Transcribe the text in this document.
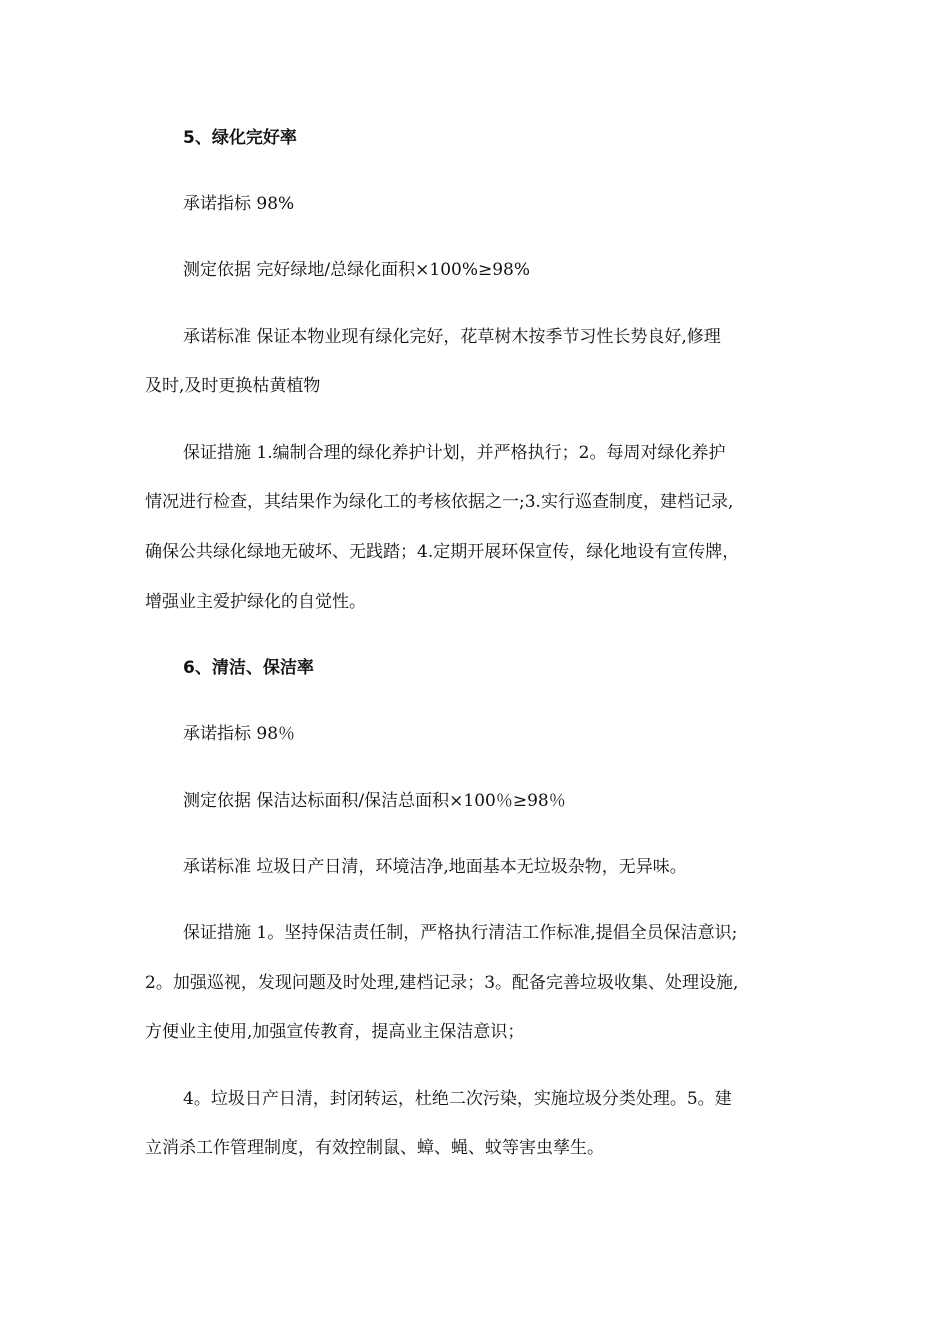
5、绿化完好率
承诺指标 98%
测定依据 完好绿地/总绿化面积×100%≥98%
承诺标准 保证本物业现有绿化完好，花草树木按季节习性长势良好,修理
及时,及时更换枯黄植物
保证措施 1.编制合理的绿化养护计划，并严格执行；2。每周对绿化养护
情况进行检查，其结果作为绿化工的考核依据之一;3.实行巡查制度，建档记录,
确保公共绿化绿地无破坏、无践踏；4.定期开展环保宣传，绿化地设有宣传牌，
增强业主爱护绿化的自觉性。
6、清洁、保洁率
承诺指标 98％
测定依据 保洁达标面积/保洁总面积×100％≥98％
承诺标准 垃圾日产日清，环境洁净,地面基本无垃圾杂物，无异味。
保证措施 1。坚持保洁责任制，严格执行清洁工作标准,提倡全员保洁意识;
2。加强巡视，发现问题及时处理,建档记录；3。配备完善垃圾收集、处理设施,
方便业主使用,加强宣传教育，提高业主保洁意识；
4。垃圾日产日清，封闭转运，杜绝二次污染，实施垃圾分类处理。5。建
立消杀工作管理制度，有效控制鼠、蟑、蝇、蚊等害虫孳生。
